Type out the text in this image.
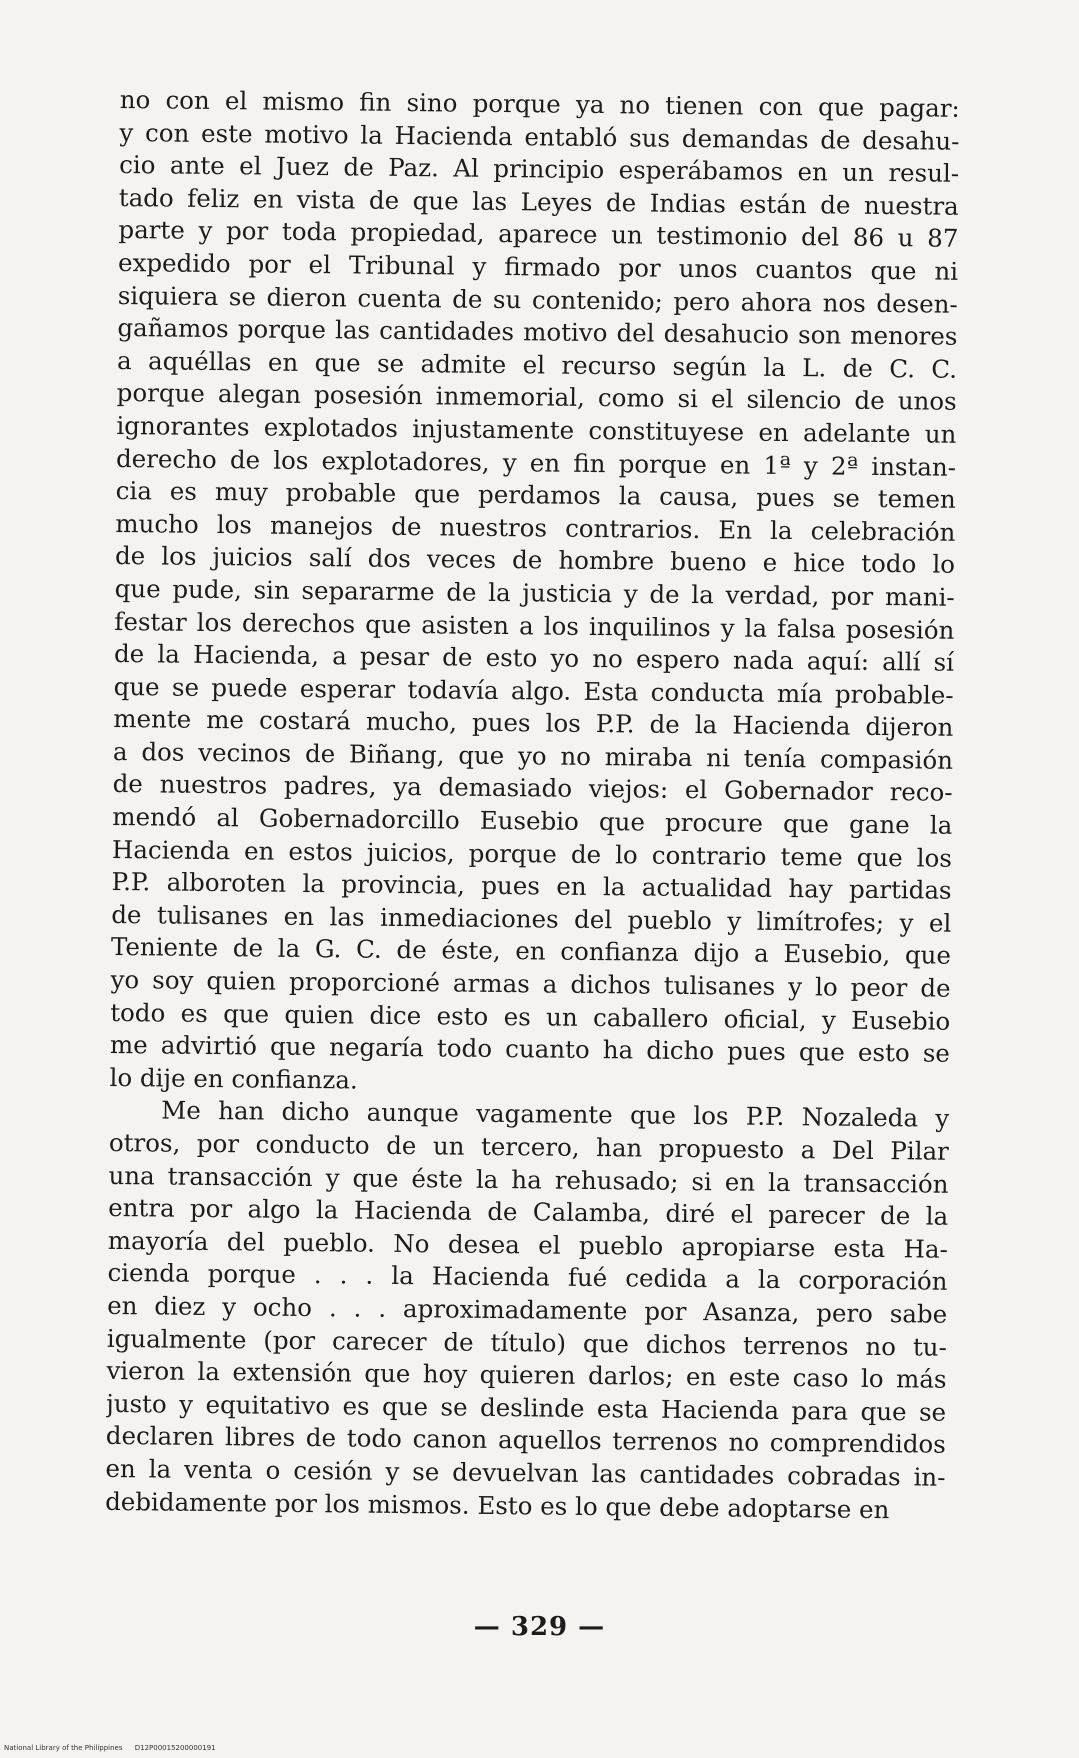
no con el mismo fin sino porque ya no tienen con que pagar:
y con este motivo la Hacienda entabló sus demandas de desahu-
cio ante el Juez de Paz. Al principio esperábamos en un resul-
tado feliz en vista de que las Leyes de Indias están de nuestra
parte y por toda propiedad, aparece un testimonio del 86 u 87
expedido por el Tribunal y firmado por unos cuantos que ni
siquiera se dieron cuenta de su contenido; pero ahora nos desen-
gañamos porque las cantidades motivo del desahucio son menores
a aquéllas en que se admite el recurso según la L. de C. C.
porque alegan posesión inmemorial, como si el silencio de unos
ignorantes explotados injustamente constituyese en adelante un
derecho de los explotadores, y en fin porque en 1ª y 2ª instan-
cia es muy probable que perdamos la causa, pues se temen
mucho los manejos de nuestros contrarios. En la celebración
de los juicios salí dos veces de hombre bueno e hice todo lo
que pude, sin separarme de la justicia y de la verdad, por mani-
festar los derechos que asisten a los inquilinos y la falsa posesión
de la Hacienda, a pesar de esto yo no espero nada aquí: allí sí
que se puede esperar todavía algo. Esta conducta mía probable-
mente me costará mucho, pues los P.P. de la Hacienda dijeron
a dos vecinos de Biñang, que yo no miraba ni tenía compasión
de nuestros padres, ya demasiado viejos: el Gobernador reco-
mendó al Gobernadorcillo Eusebio que procure que gane la
Hacienda en estos juicios, porque de lo contrario teme que los
P.P. alboroten la provincia, pues en la actualidad hay partidas
de tulisanes en las inmediaciones del pueblo y limítrofes; y el
Teniente de la G. C. de éste, en confianza dijo a Eusebio, que
yo soy quien proporcioné armas a dichos tulisanes y lo peor de
todo es que quien dice esto es un caballero oficial, y Eusebio
me advirtió que negaría todo cuanto ha dicho pues que esto se
lo dije en confianza.
Me han dicho aunque vagamente que los P.P. Nozaleda y
otros, por conducto de un tercero, han propuesto a Del Pilar
una transacción y que éste la ha rehusado; si en la transacción
entra por algo la Hacienda de Calamba, diré el parecer de la
mayoría del pueblo. No desea el pueblo apropiarse esta Ha-
cienda porque . . . la Hacienda fué cedida a la corporación
en diez y ocho . . . aproximadamente por Asanza, pero sabe
igualmente (por carecer de título) que dichos terrenos no tu-
vieron la extensión que hoy quieren darlos; en este caso lo más
justo y equitativo es que se deslinde esta Hacienda para que se
declaren libres de todo canon aquellos terrenos no comprendidos
en la venta o cesión y se devuelvan las cantidades cobradas in-
debidamente por los mismos. Esto es lo que debe adoptarse en
— 329 —
National Library of the Philippines D12P00015200000191
